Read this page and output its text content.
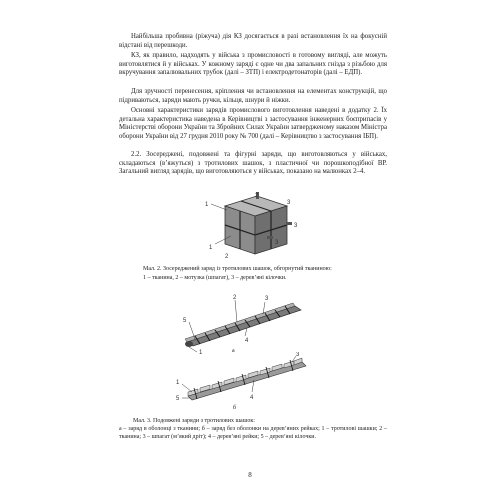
Найбільша пробивна (ріжуча) дія КЗ досягається в разі встановлення їх на фокусній відстані від перешкоди.

КЗ, як правило, надходять у війська з промисловості в готовому вигляді, але можуть виготовлятися й у військах. У кожному заряді є одне чи два запальних гнізда з різьбою для вкручування запалювальних трубок (далі – ЗТП) і електродетонаторів (далі – ЕДП).

Для зручності перенесення, кріплення чи встановлення на елементах конструкцій, що підриваються, заряди мають ручки, кільця, шнури й ніжки.

Основні характеристики зарядів промислового виготовлення наведені в додатку 2. Їх детальна характеристика наведена в Керівництві з застосування інженерних боєприпасів у Міністерстві оборони України та Збройних Силах України затвердженому наказом Міністра оборони України від 27 грудня 2010 року № 700 (далі – Керівництво з застосування ІБП).

2.2. Зосереджені, подовжені та фігурні заряди, що виготовляються у військах, складаються (в’яжуться) з тротилових шашок, з пластичної чи порошкоподібної ВР. Загальний вигляд зарядів, що виготовляються у військах, показано на малюнках 2–4.

1
2
3
3
3
1
2

Мал. 2. Зосереджений заряд із тротилових шашок, обгорнутий тканиною:

1 – тканина, 2 – мотузка (шпагат), 3 – дерев’яні кілочки.

3
2
5
4
1	а
3
1
5	4
б

Мал. 3. Подовжені заряди з тротилових шашок:

а – заряд в оболонці з тканини; б – заряд без оболонки на дерев’яних рейках; 1 – тротилові шашки; 2 – тканина; 3 – шпагат (м’який дріт); 4 – дерев’яні рейки; 5 – дерев’яні кілочки.

8
